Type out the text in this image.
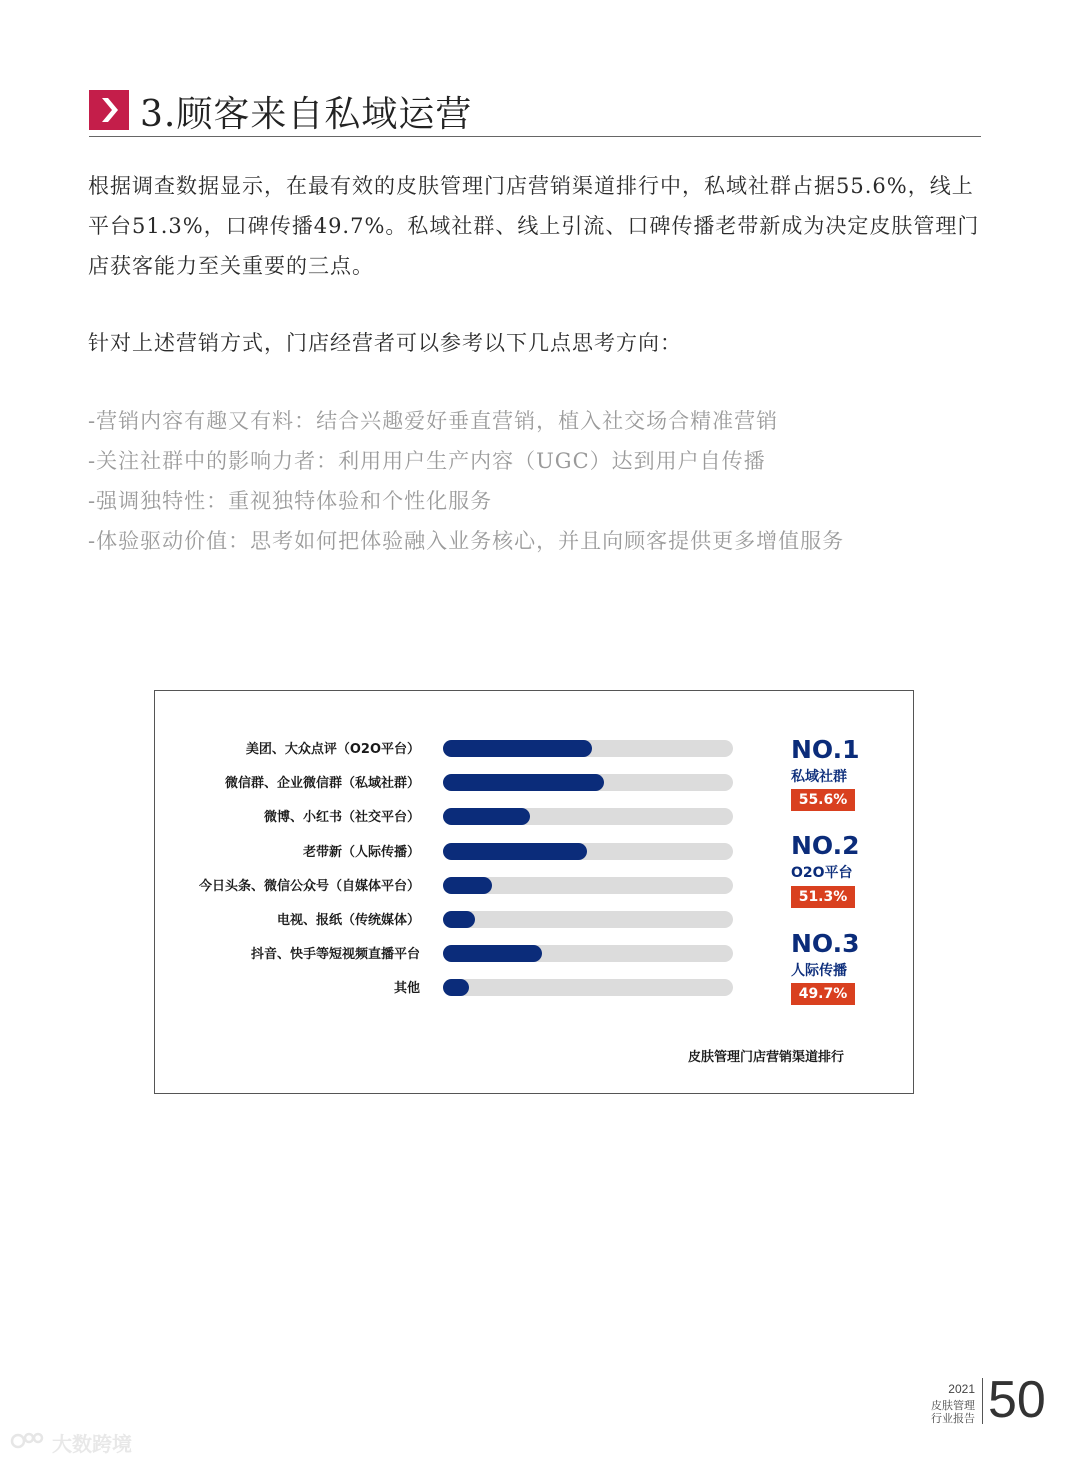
3.顾客来自私域运营
根据调查数据显示，在最有效的皮肤管理门店营销渠道排行中，私域社群占据55.6%，线上平台51.3%，口碑传播49.7%。私域社群、线上引流、口碑传播老带新成为决定皮肤管理门店获客能力至关重要的三点。
针对上述营销方式，门店经营者可以参考以下几点思考方向：
-营销内容有趣又有料：结合兴趣爱好垂直营销，植入社交场合精准营销
-关注社群中的影响力者：利用用户生产内容（UGC）达到用户自传播
-强调独特性：重视独特体验和个性化服务
-体验驱动价值：思考如何把体验融入业务核心，并且向顾客提供更多增值服务
美团、大众点评（O2O平台）
微信群、企业微信群（私域社群）
微博、小红书（社交平台）
老带新（人际传播）
今日头条、微信公众号（自媒体平台）
电视、报纸（传统媒体）
抖音、快手等短视频直播平台
其他
NO.1
私域社群
55.6%
NO.2
O2O平台
51.3%
NO.3
人际传播
49.7%
皮肤管理门店营销渠道排行
2021
皮肤管理
行业报告 50
大数跨境
